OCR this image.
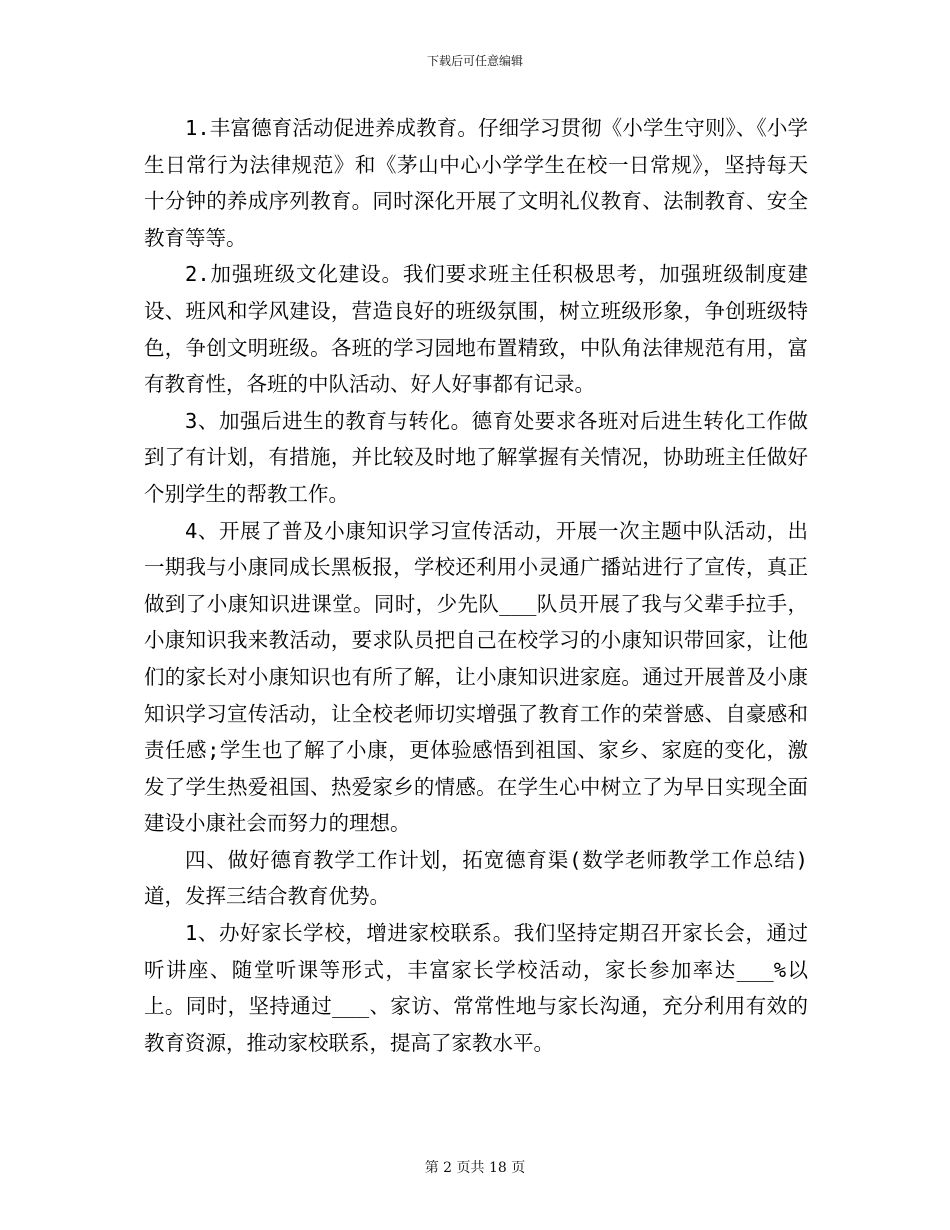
下载后可任意编辑

1.丰富德育活动促进养成教育。仔细学习贯彻《小学生守则》、《小学生日常行为法律规范》和《茅山中心小学学生在校一日常规》，坚持每天十分钟的养成序列教育。同时深化开展了文明礼仪教育、法制教育、安全教育等等。

2.加强班级文化建设。我们要求班主任积极思考，加强班级制度建设、班风和学风建设，营造良好的班级氛围，树立班级形象，争创班级特色，争创文明班级。各班的学习园地布置精致，中队角法律规范有用，富有教育性，各班的中队活动、好人好事都有记录。

3、加强后进生的教育与转化。德育处要求各班对后进生转化工作做到了有计划，有措施，并比较及时地了解掌握有关情况，协助班主任做好个别学生的帮教工作。

4、开展了普及小康知识学习宣传活动，开展一次主题中队活动，出一期我与小康同成长黑板报，学校还利用小灵通广播站进行了宣传，真正做到了小康知识进课堂。同时，少先队___队员开展了我与父辈手拉手，小康知识我来教活动，要求队员把自己在校学习的小康知识带回家，让他们的家长对小康知识也有所了解，让小康知识进家庭。通过开展普及小康知识学习宣传活动，让全校老师切实增强了教育工作的荣誉感、自豪感和责任感;学生也了解了小康，更体验感悟到祖国、家乡、家庭的变化，激发了学生热爱祖国、热爱家乡的情感。在学生心中树立了为早日实现全面建设小康社会而努力的理想。

四、做好德育教学工作计划，拓宽德育渠(数学老师教学工作总结)道，发挥三结合教育优势。

1、办好家长学校，增进家校联系。我们坚持定期召开家长会，通过听讲座、随堂听课等形式，丰富家长学校活动，家长参加率达___%以上。同时，坚持通过___、家访、常常性地与家长沟通，充分利用有效的教育资源，推动家校联系，提高了家教水平。

第 2 页共 18 页
